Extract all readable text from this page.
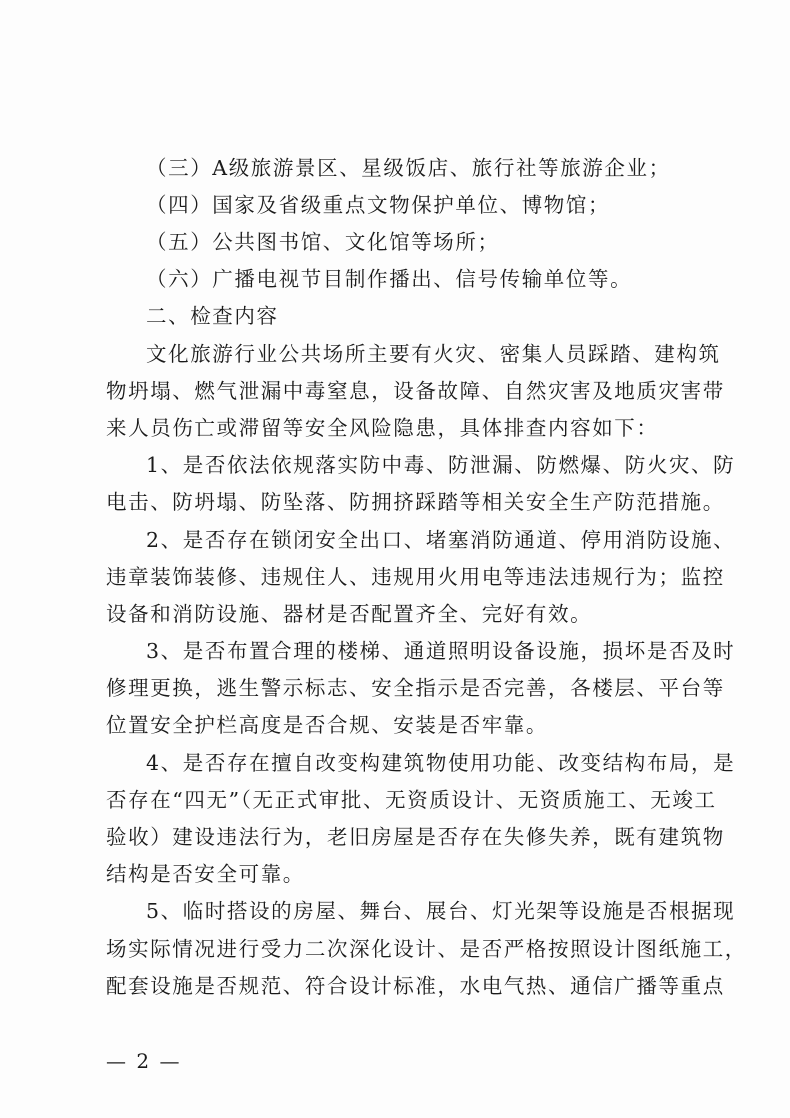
（三）A级旅游景区、星级饭店、旅行社等旅游企业；
（四）国家及省级重点文物保护单位、博物馆；
（五）公共图书馆、文化馆等场所；
（六）广播电视节目制作播出、信号传输单位等。
二、检查内容
文化旅游行业公共场所主要有火灾、密集人员踩踏、建构筑
物坍塌、燃气泄漏中毒窒息，设备故障、自然灾害及地质灾害带
来人员伤亡或滞留等安全风险隐患，具体排查内容如下：
1、是否依法依规落实防中毒、防泄漏、防燃爆、防火灾、防
电击、防坍塌、防坠落、防拥挤踩踏等相关安全生产防范措施。
2、是否存在锁闭安全出口、堵塞消防通道、停用消防设施、
违章装饰装修、违规住人、违规用火用电等违法违规行为；监控
设备和消防设施、器材是否配置齐全、完好有效。
3、是否布置合理的楼梯、通道照明设备设施，损坏是否及时
修理更换，逃生警示标志、安全指示是否完善，各楼层、平台等
位置安全护栏高度是否合规、安装是否牢靠。
4、是否存在擅自改变构建筑物使用功能、改变结构布局，是
否存在“四无”（无正式审批、无资质设计、无资质施工、无竣工
验收）建设违法行为，老旧房屋是否存在失修失养，既有建筑物
结构是否安全可靠。
5、临时搭设的房屋、舞台、展台、灯光架等设施是否根据现
场实际情况进行受力二次深化设计、是否严格按照设计图纸施工，
配套设施是否规范、符合设计标准，水电气热、通信广播等重点
— 2 —
